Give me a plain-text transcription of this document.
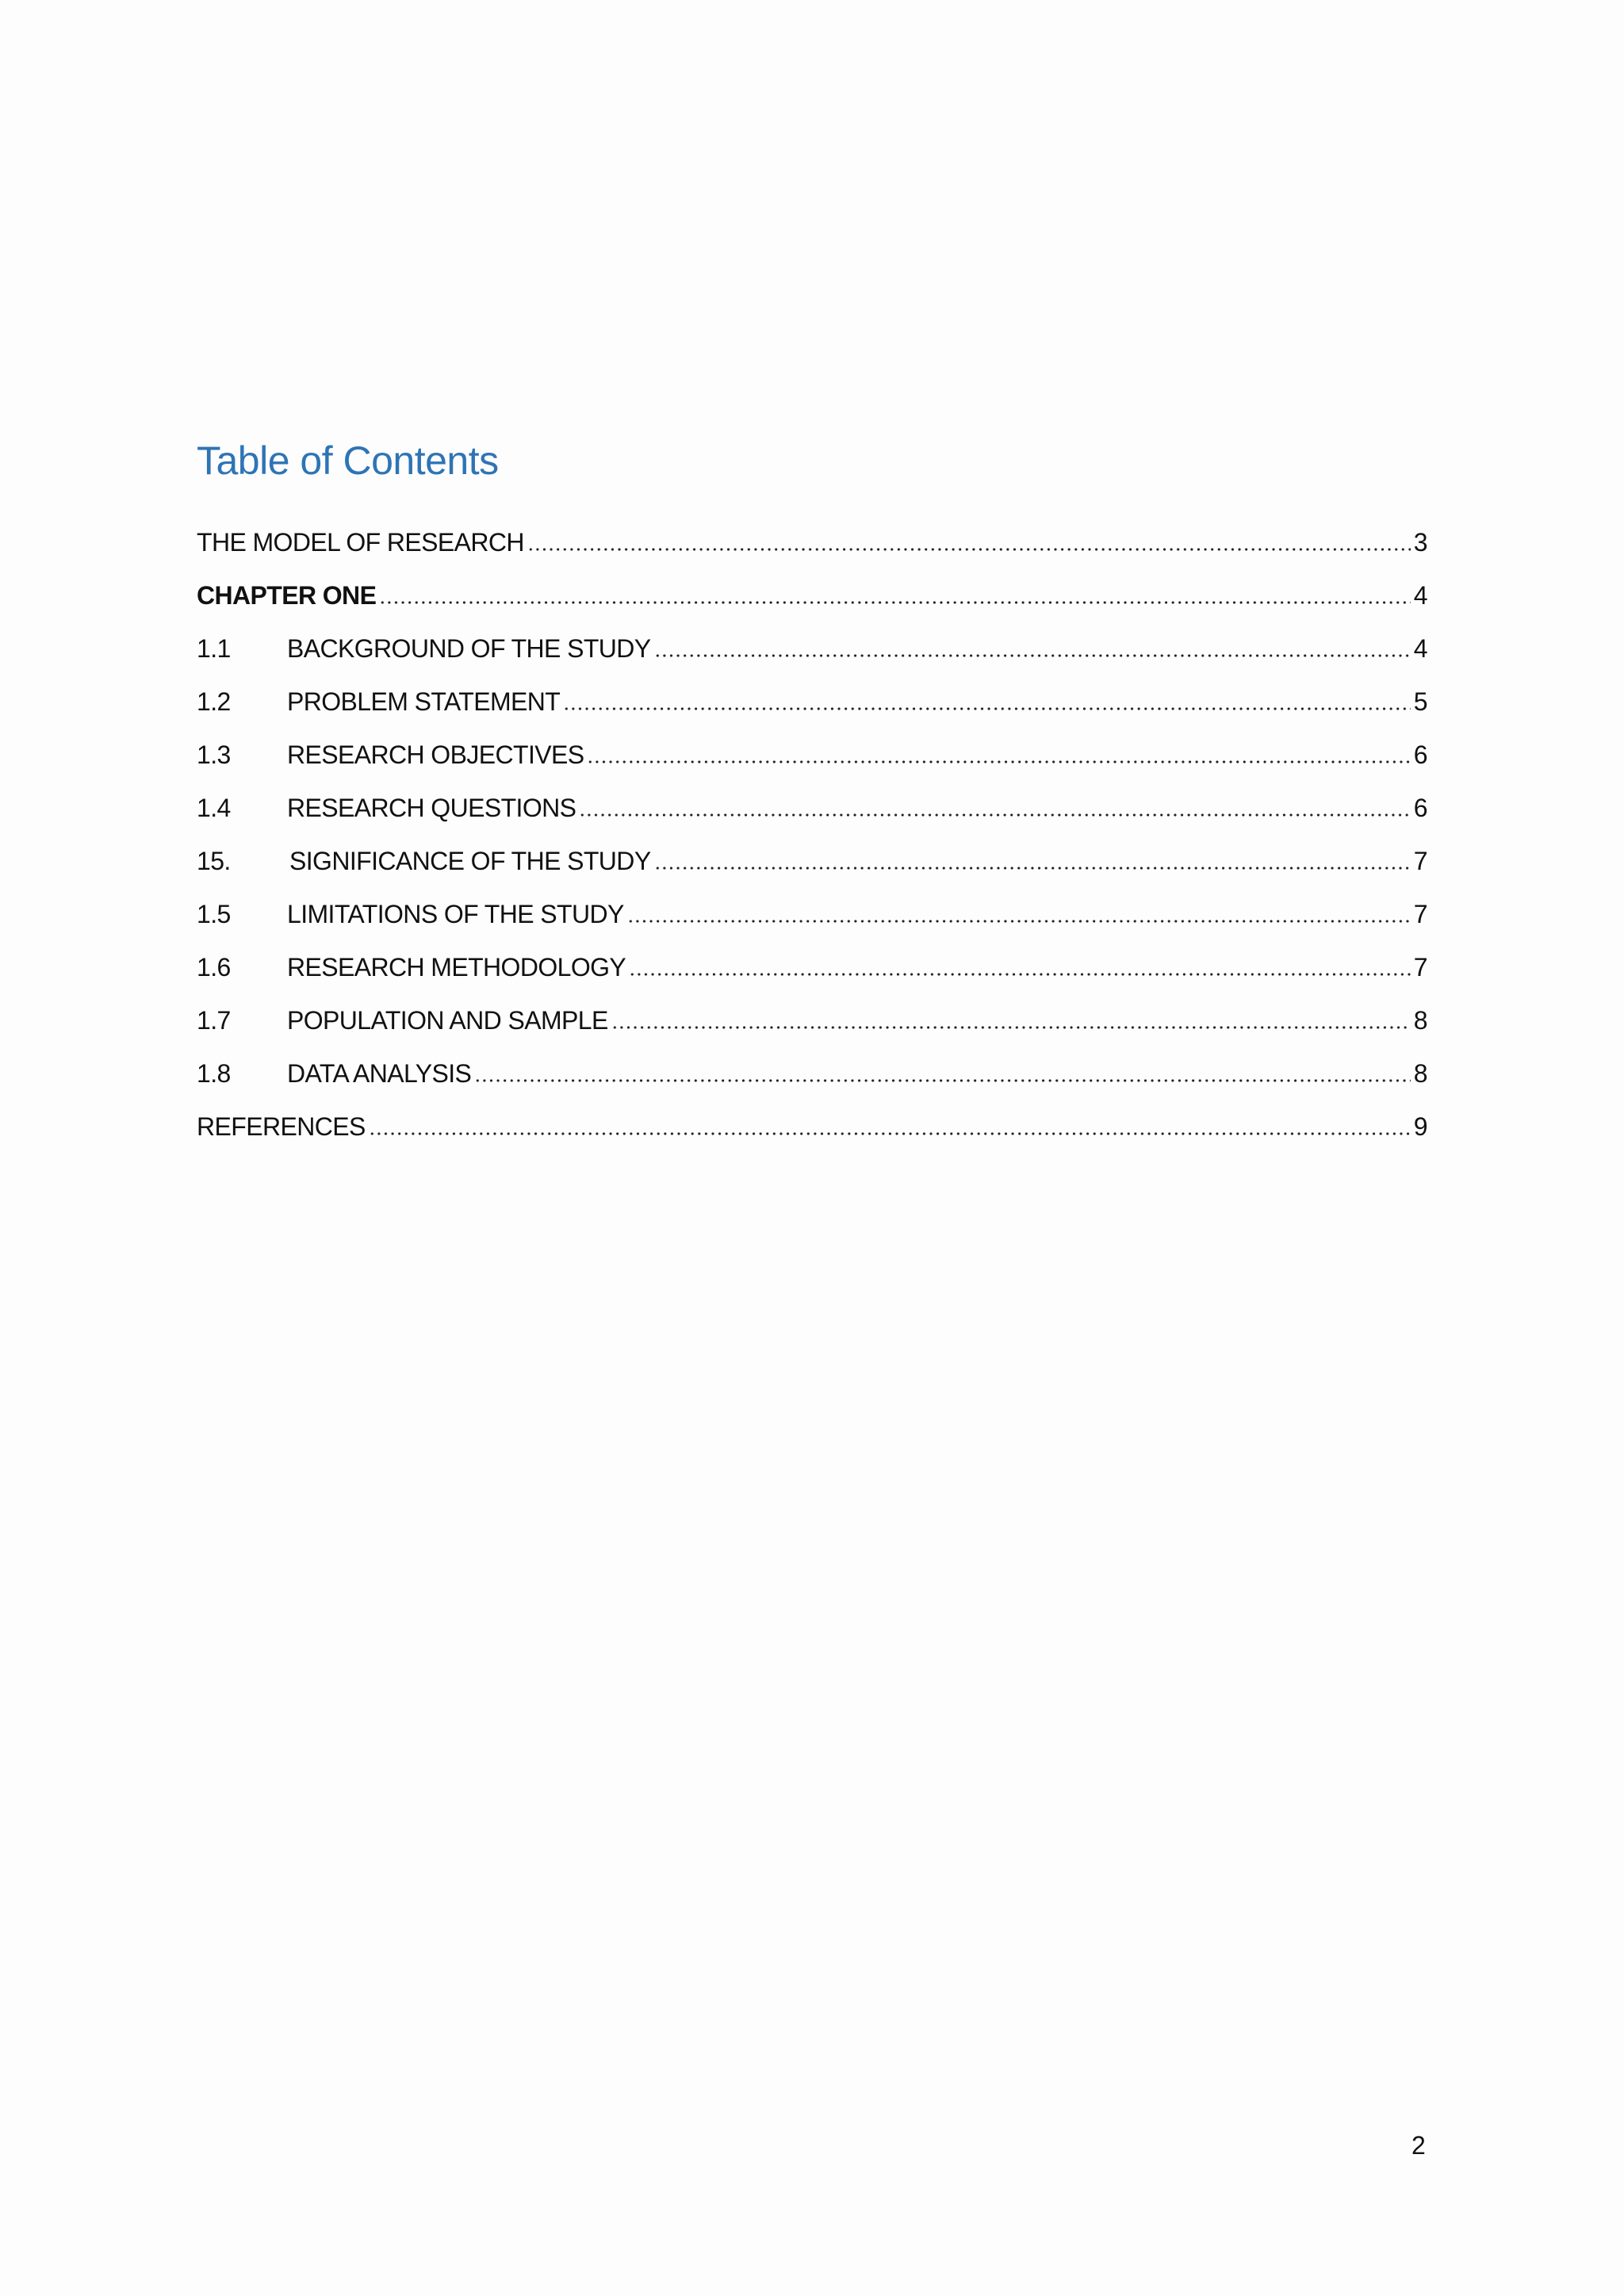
Table of Contents
THE MODEL OF RESEARCH	3
CHAPTER ONE	4
1.1	BACKGROUND OF THE STUDY	4
1.2	PROBLEM STATEMENT	5
1.3	RESEARCH OBJECTIVES	6
1.4	RESEARCH QUESTIONS	6
15.	SIGNIFICANCE OF THE STUDY	7
1.5	LIMITATIONS OF THE STUDY	7
1.6	RESEARCH METHODOLOGY	7
1.7	POPULATION AND SAMPLE	8
1.8	DATA ANALYSIS	8
REFERENCES	9
2
